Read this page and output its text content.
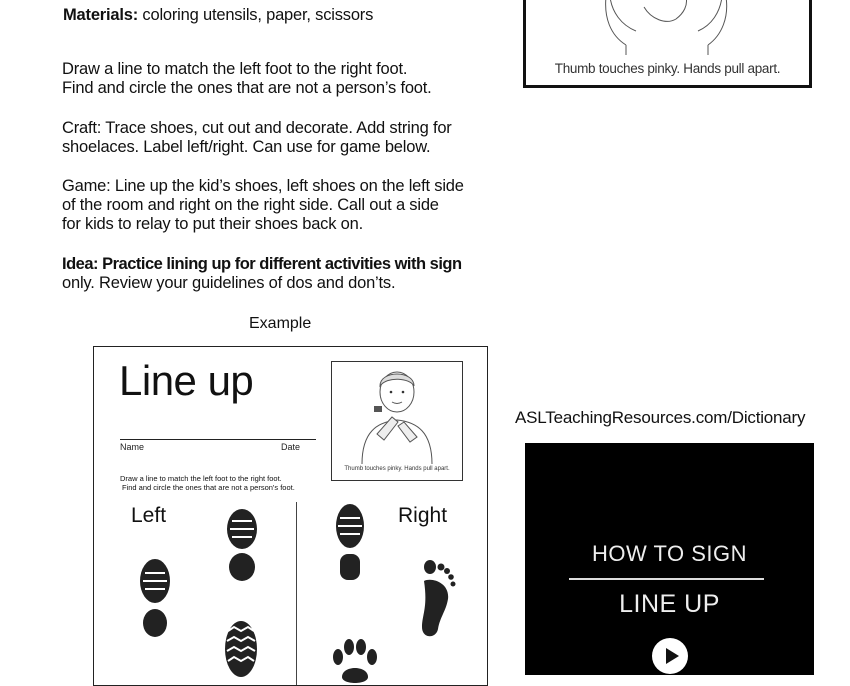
Materials: coloring utensils, paper, scissors
Draw a line to match the left foot to the right foot.
Find and circle the ones that are not a person’s foot.
Craft: Trace shoes, cut out and decorate. Add string for
shoelaces. Label left/right. Can use for game below.
Game: Line up the kid’s shoes, left shoes on the left side
of the room and right on the right side. Call out a side
for kids to relay to put their shoes back on.
Idea: Practice lining up for different activities with sign
only. Review your guidelines of dos and don’ts.
Example
Thumb touches pinky. Hands pull apart.
Line up
Name	Date
Draw a line to match the left foot to the right foot.
Find and circle the ones that are not a person's foot.
Thumb touches pinky. Hands pull apart.
Left	Right
ASLTeachingResources.com/Dictionary
HOW TO SIGN
LINE UP
